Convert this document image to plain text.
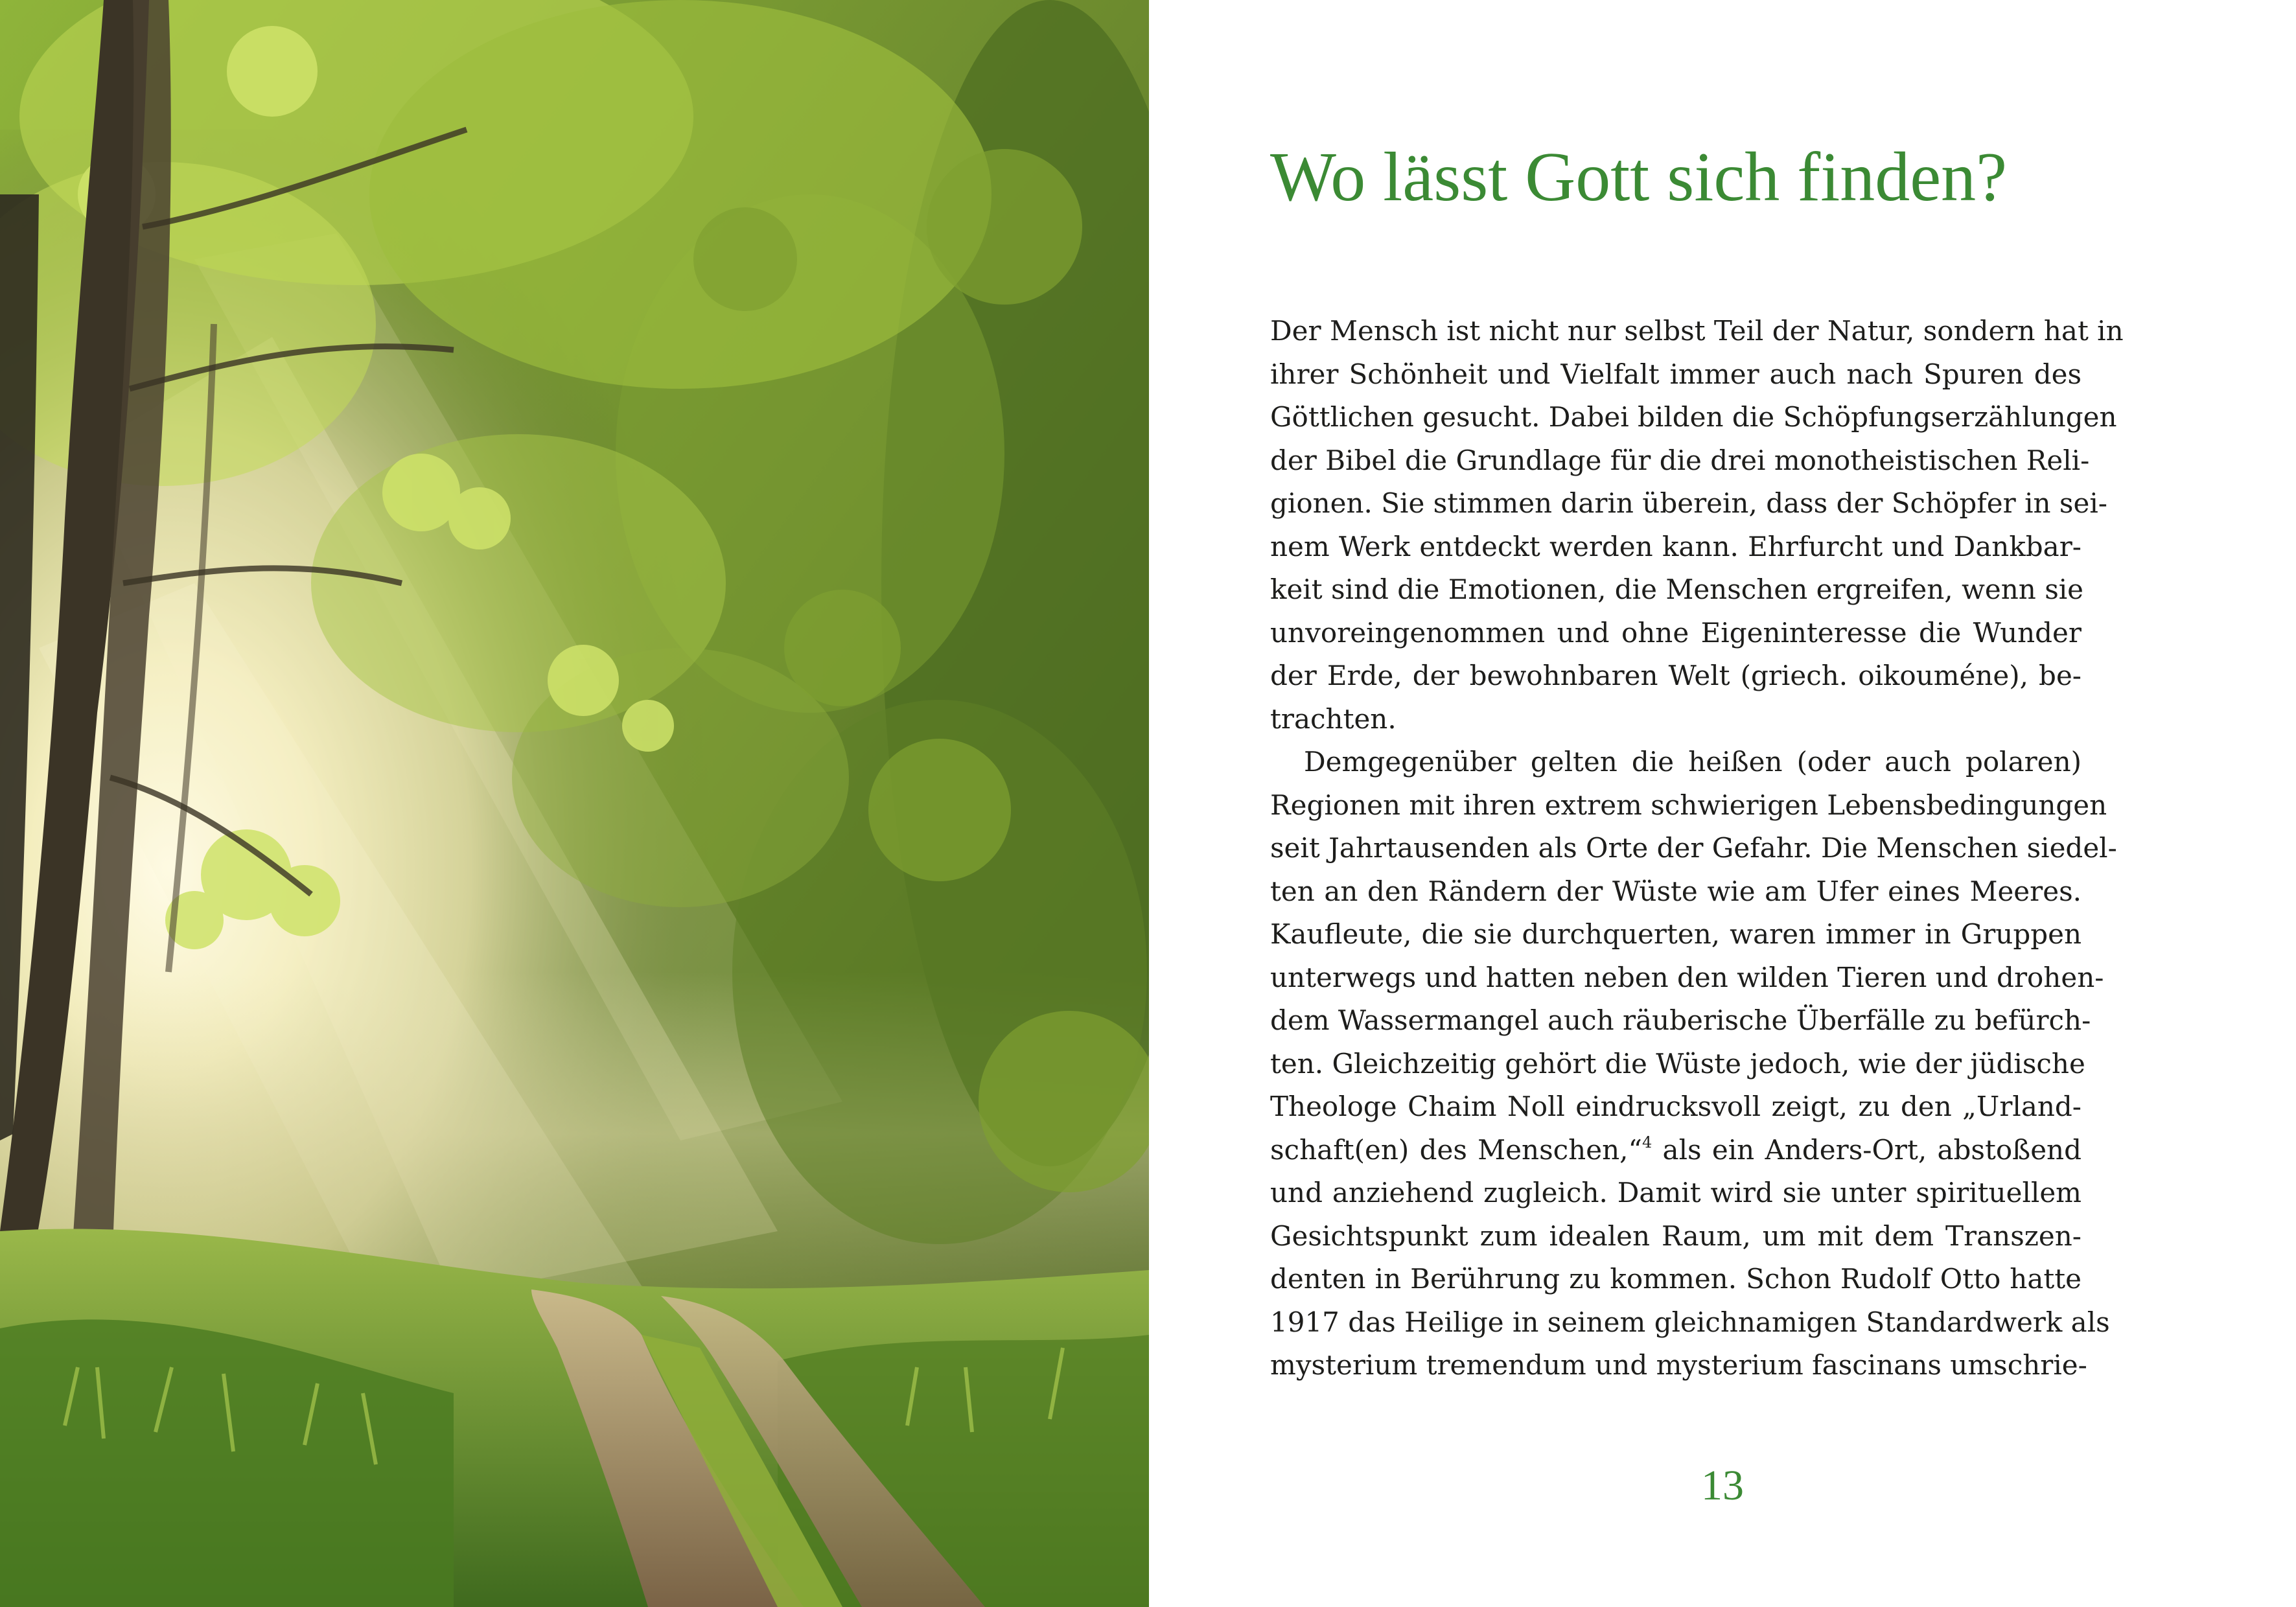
Wo lässt Gott sich finden?
Der Mensch ist nicht nur selbst Teil der Natur, sondern hat in
ihrer Schönheit und Vielfalt immer auch nach Spuren des
Göttlichen gesucht. Dabei bilden die Schöpfungserzählungen
der Bibel die Grundlage für die drei monotheistischen Reli-
gionen. Sie stimmen darin überein, dass der Schöpfer in sei-
nem Werk entdeckt werden kann. Ehrfurcht und Dankbar-
keit sind die Emotionen, die Menschen ergreifen, wenn sie
unvoreingenommen und ohne Eigeninteresse die Wunder
der Erde, der bewohnbaren Welt (griech. oikouméne), be-
trachten.
Demgegenüber gelten die heißen (oder auch polaren)
Regionen mit ihren extrem schwierigen Lebensbedingungen
seit Jahrtausenden als Orte der Gefahr. Die Menschen siedel-
ten an den Rändern der Wüste wie am Ufer eines Meeres.
Kaufleute, die sie durchquerten, waren immer in Gruppen
unterwegs und hatten neben den wilden Tieren und drohen-
dem Wassermangel auch räuberische Überfälle zu befürch-
ten. Gleichzeitig gehört die Wüste jedoch, wie der jüdische
Theologe Chaim Noll eindrucksvoll zeigt, zu den „Urland-
schaft(en) des Menschen,“$^4$ als ein Anders-Ort, abstoßend
und anziehend zugleich. Damit wird sie unter spirituellem
Gesichtspunkt zum idealen Raum, um mit dem Transzen-
denten in Berührung zu kommen. Schon Rudolf Otto hatte
1917 das Heilige in seinem gleichnamigen Standardwerk als
mysterium tremendum und mysterium fascinans umschrie-
13
